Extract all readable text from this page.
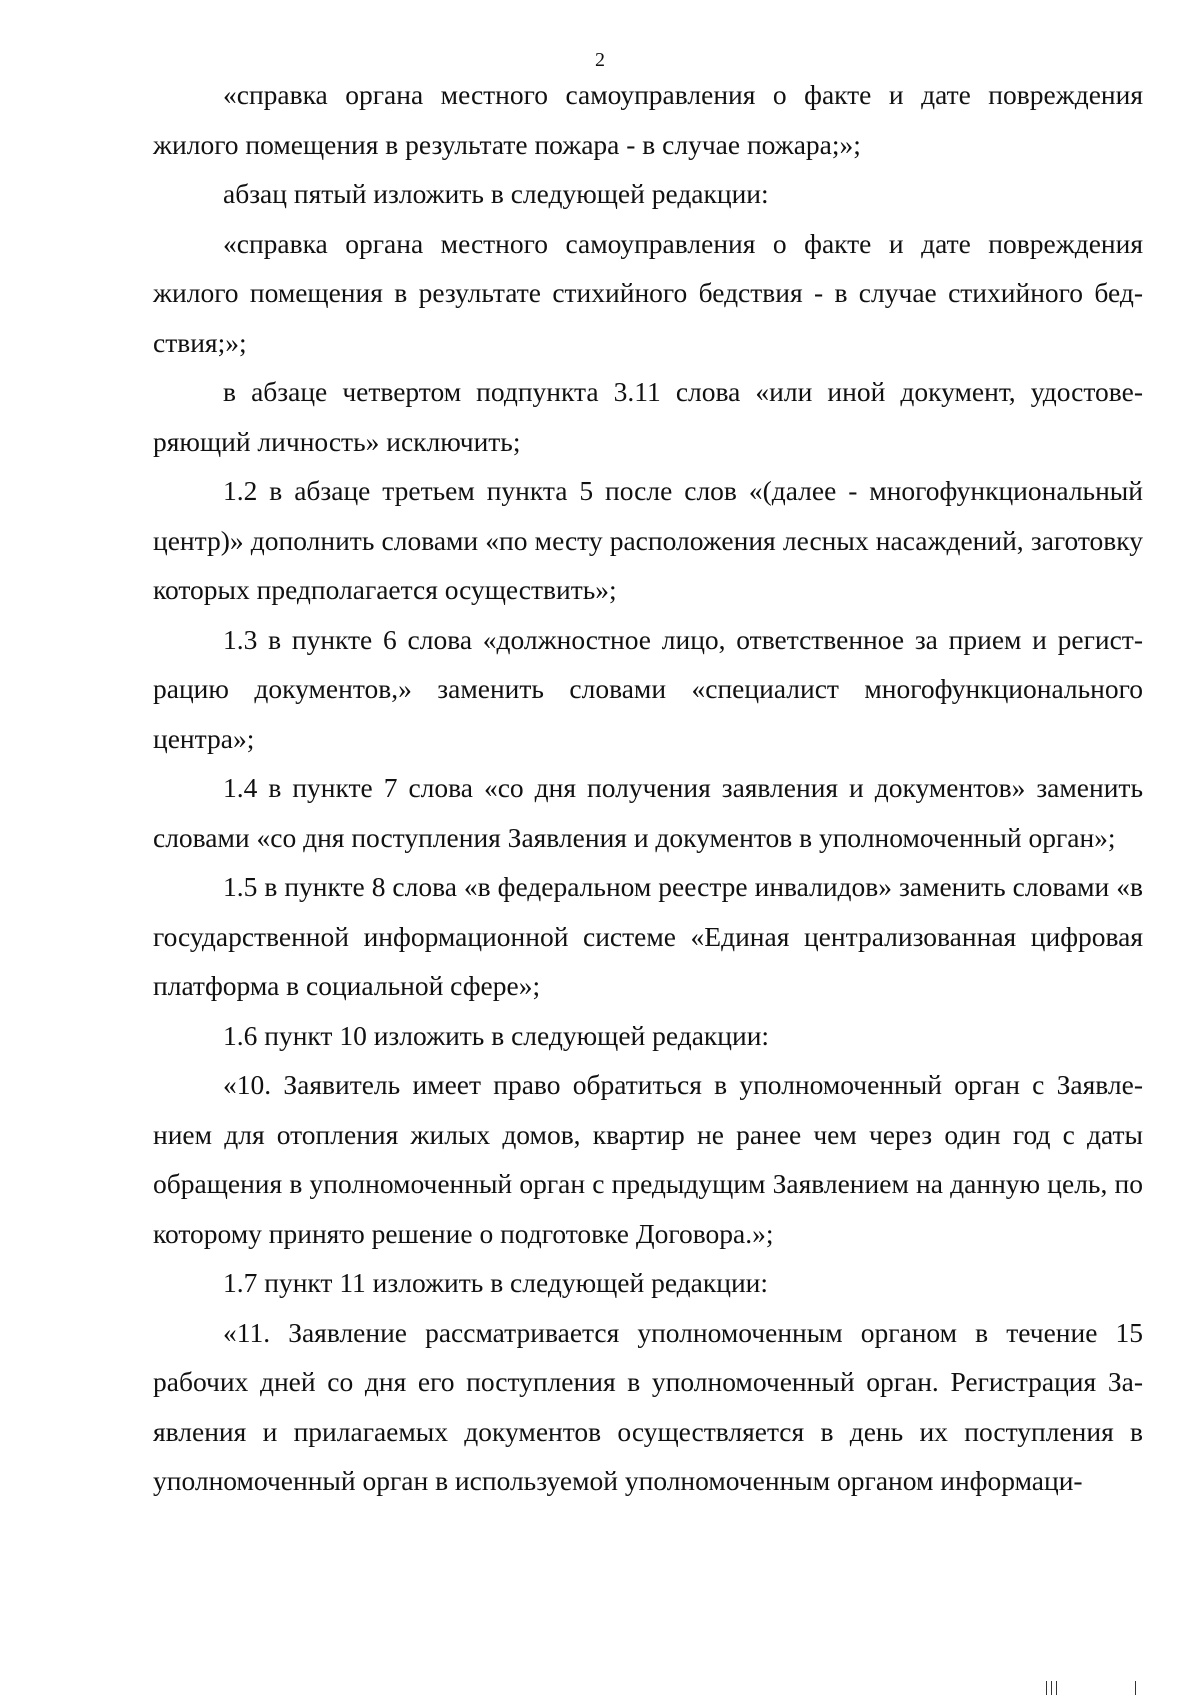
2

«справка органа местного самоуправления о факте и дате повреждения жилого помещения в результате пожара - в случае пожара;»;

абзац пятый изложить в следующей редакции:

«справка органа местного самоуправления о факте и дате повреждения жилого помещения в результате стихийного бедствия - в случае стихийного бедствия;»;

в абзаце четвертом подпункта 3.11 слова «или иной документ, удостоверяющий личность» исключить;

1.2 в абзаце третьем пункта 5 после слов «(далее - многофункциональный центр)» дополнить словами «по месту расположения лесных насаждений, заготовку которых предполагается осуществить»;

1.3 в пункте 6 слова «должностное лицо, ответственное за прием и регистрацию документов,» заменить словами «специалист многофункционального центра»;

1.4 в пункте 7 слова «со дня получения заявления и документов» заменить словами «со дня поступления Заявления и документов в уполномоченный орган»;

1.5 в пункте 8 слова «в федеральном реестре инвалидов» заменить словами «в государственной информационной системе «Единая централизованная цифровая платформа в социальной сфере»;

1.6 пункт 10 изложить в следующей редакции:

«10. Заявитель имеет право обратиться в уполномоченный орган с Заявлением для отопления жилых домов, квартир не ранее чем через один год с даты обращения в уполномоченный орган с предыдущим Заявлением на данную цель, по которому принято решение о подготовке Договора.»;

1.7 пункт 11 изложить в следующей редакции:

«11. Заявление рассматривается уполномоченным органом в течение 15 рабочих дней со дня его поступления в уполномоченный орган. Регистрация Заявления и прилагаемых документов осуществляется в день их поступления в уполномоченный орган в используемой уполномоченным органом информаци-
